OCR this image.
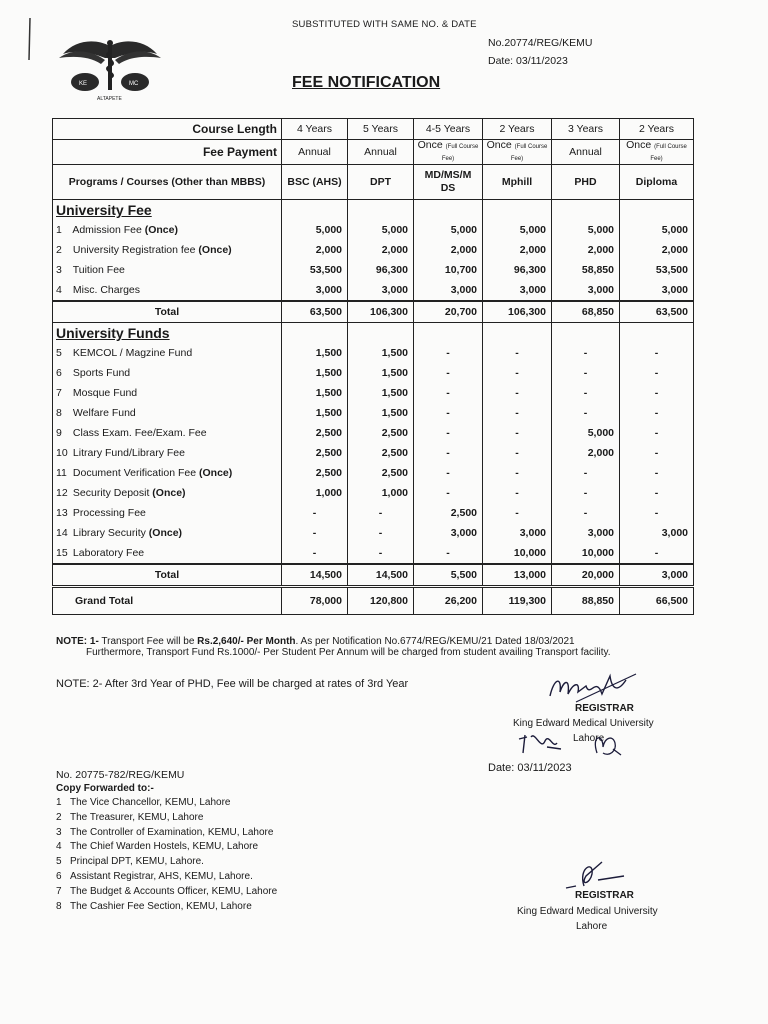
KE	MC
ALTAPETE
SUBSTITUTED WITH SAME NO. & DATE
No.20774/REG/KEMU
Date: 03/11/2023
FEE NOTIFICATION
Course Length	4 Years	5 Years	4-5 Years	2 Years	3 Years	2 Years
Fee Payment	Annual	Annual	Once (Full Course Fee)	Once (Full Course Fee)	Annual	Once (Full Course Fee)
Programs / Courses (Other than MBBS)	BSC (AHS)	DPT	MD/MS/M DS	Mphill	PHD	Diploma
University Fee						
1 Admission Fee (Once)	5,000	5,000	5,000	5,000	5,000	5,000
2 University Registration fee (Once)	2,000	2,000	2,000	2,000	2,000	2,000
3 Tuition Fee	53,500	96,300	10,700	96,300	58,850	53,500
4 Misc. Charges	3,000	3,000	3,000	3,000	3,000	3,000
Total	63,500	106,300	20,700	106,300	68,850	63,500
University Funds						
5 KEMCOL / Magzine Fund	1,500	1,500	-	-	-	-
6 Sports Fund	1,500	1,500	-	-	-	-
7 Mosque Fund	1,500	1,500	-	-	-	-
8 Welfare Fund	1,500	1,500	-	-	-	-
9 Class Exam. Fee/Exam. Fee	2,500	2,500	-	-	5,000	-
10 Litrary Fund/Library Fee	2,500	2,500	-	-	2,000	-
11 Document Verification Fee (Once)	2,500	2,500	-	-	-	-
12 Security Deposit (Once)	1,000	1,000	-	-	-	-
13 Processing Fee	-	-	2,500	-	-	-
14 Library Security (Once)	-	-	3,000	3,000	3,000	3,000
15 Laboratory Fee	-	-	-	10,000	10,000	-
Total	14,500	14,500	5,500	13,000	20,000	3,000
Grand Total	78,000	120,800	26,200	119,300	88,850	66,500
NOTE: 1- Transport Fee will be Rs.2,640/- Per Month. As per Notification No.6774/REG/KEMU/21 Dated 18/03/2021
Furthermore, Transport Fund Rs.1000/- Per Student Per Annum will be charged from student availing Transport facility.
NOTE: 2- After 3rd Year of PHD, Fee will be charged at rates of 3rd Year
REGISTRAR
King Edward Medical University
Lahore
Date: 03/11/2023
No. 20775-782/REG/KEMU
Copy Forwarded to:-
1 The Vice Chancellor, KEMU, Lahore
2 The Treasurer, KEMU, Lahore
3 The Controller of Examination, KEMU, Lahore
4 The Chief Warden Hostels, KEMU, Lahore
5 Principal DPT, KEMU, Lahore.
6 Assistant Registrar, AHS, KEMU, Lahore.
7 The Budget & Accounts Officer, KEMU, Lahore
8 The Cashier Fee Section, KEMU, Lahore
REGISTRAR
King Edward Medical University
Lahore
